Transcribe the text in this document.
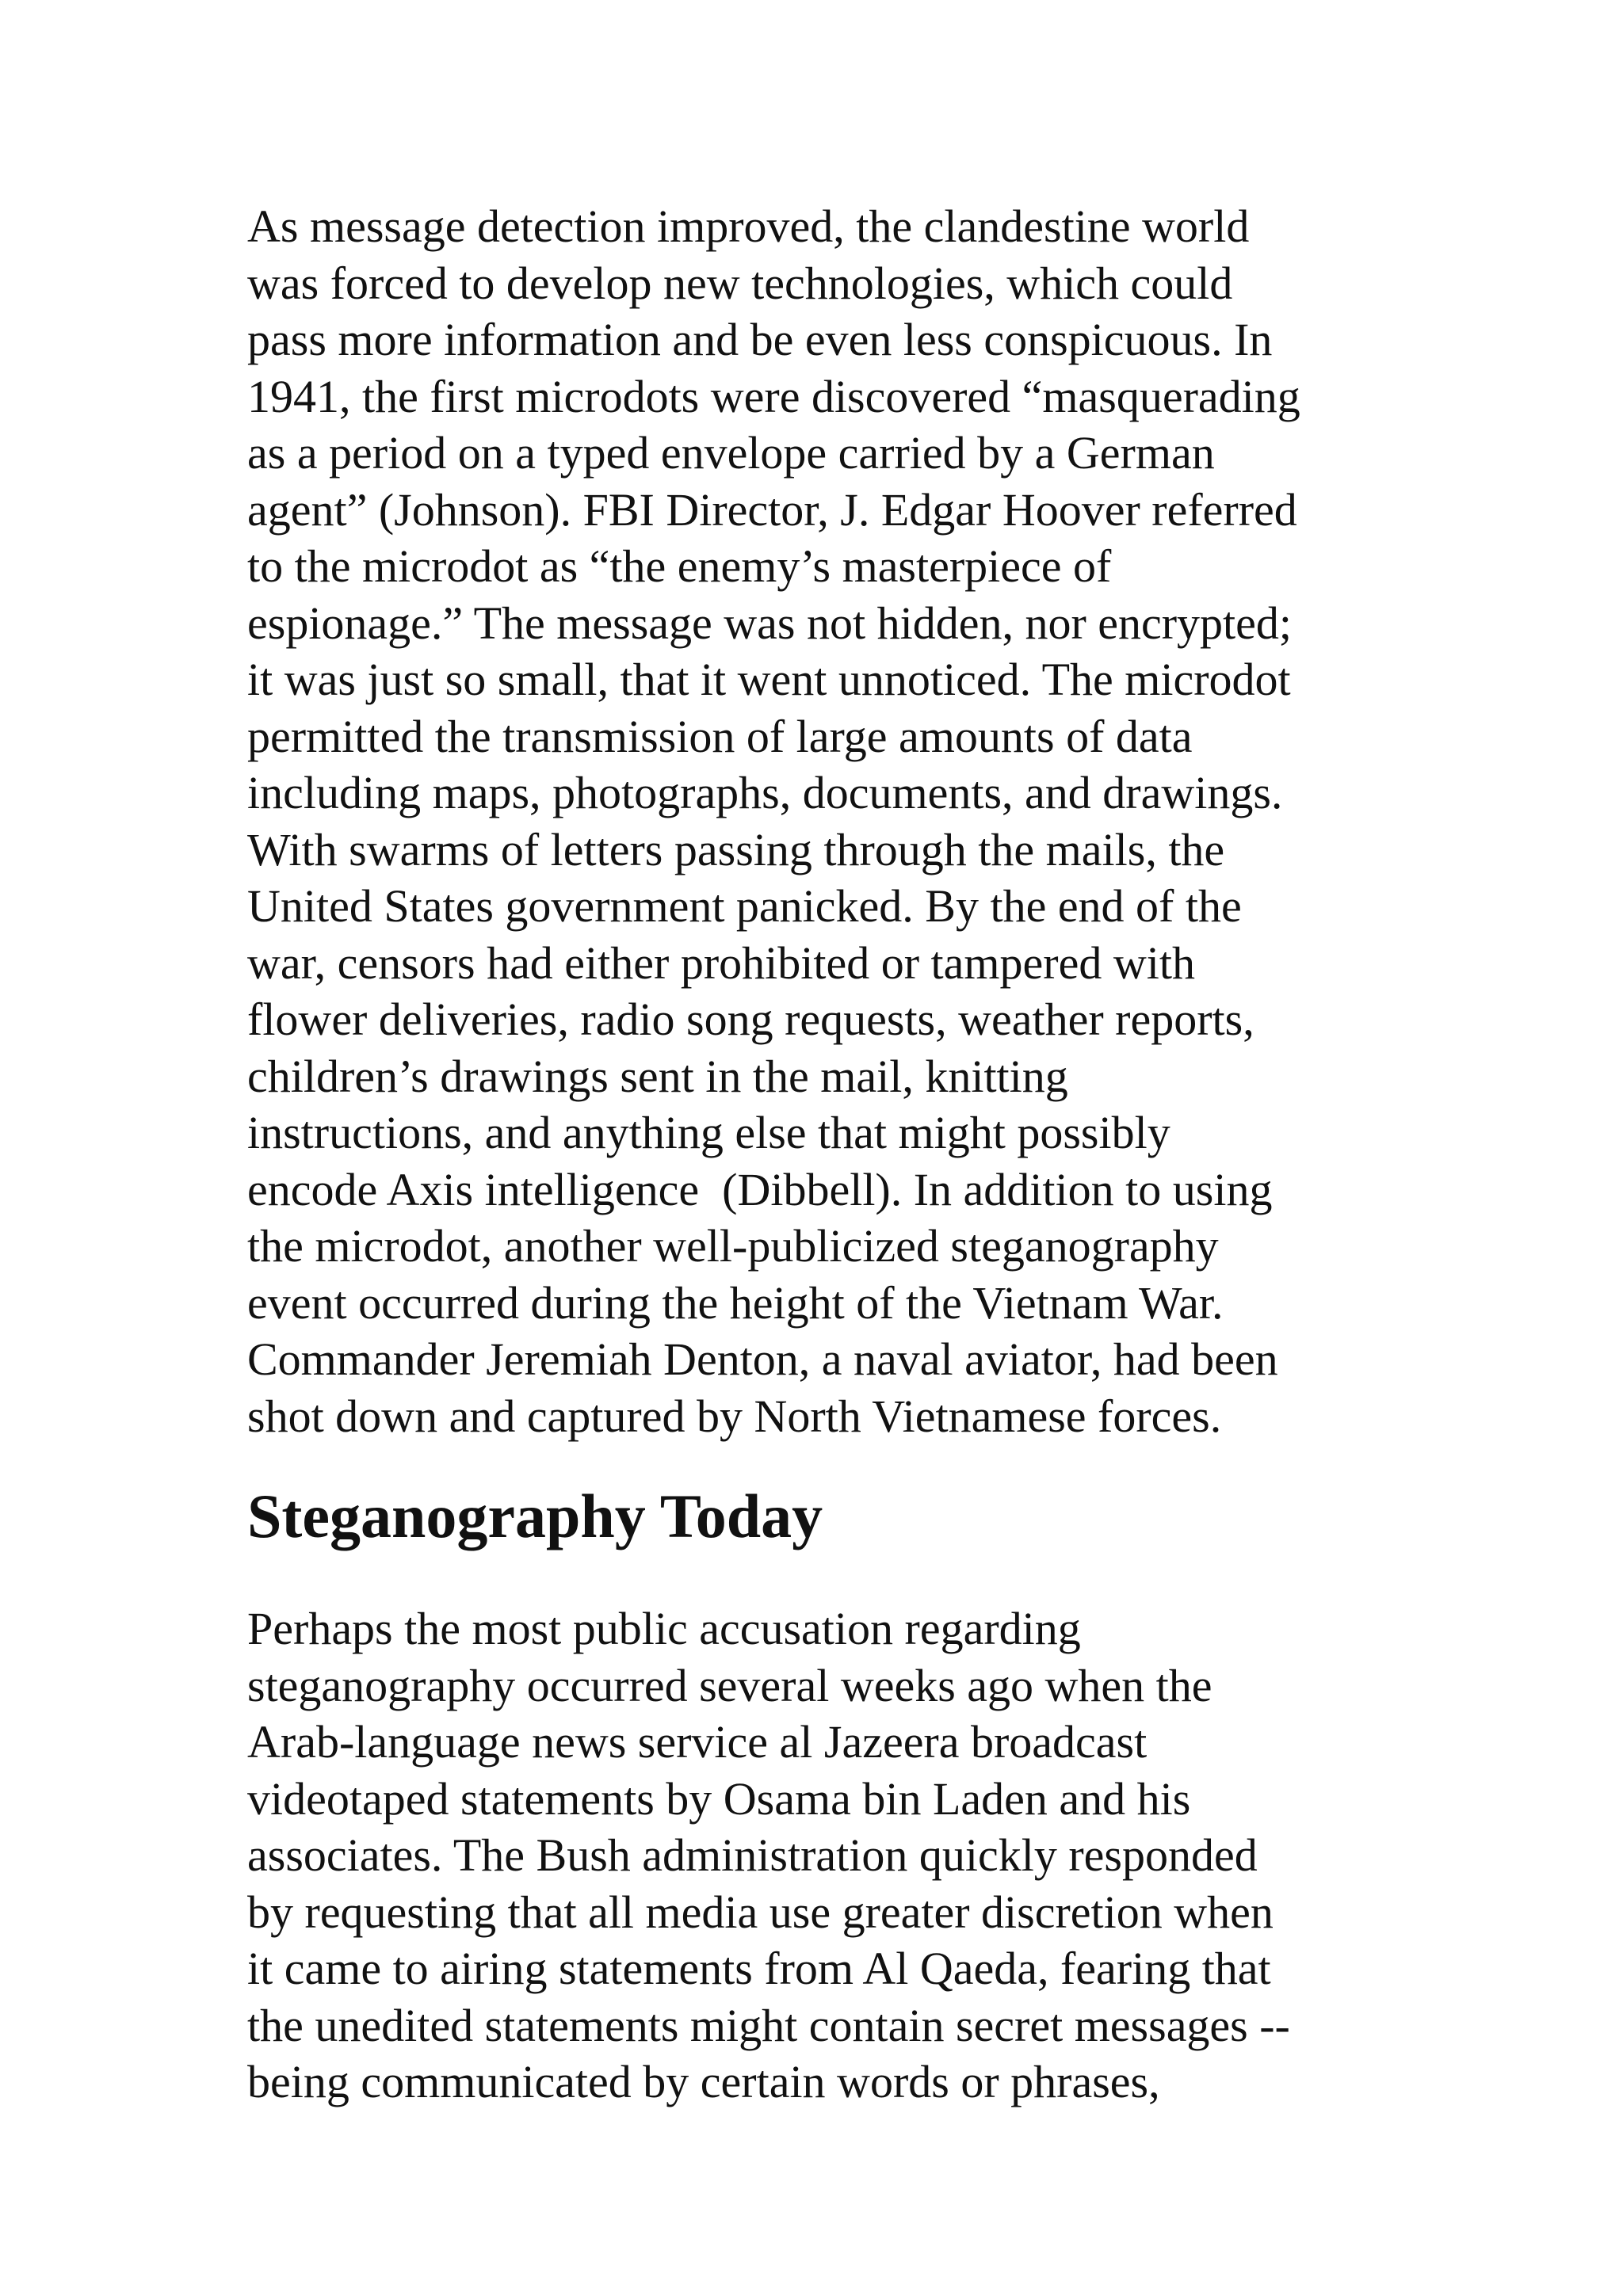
As message detection improved, the clandestine world
was forced to develop new technologies, which could
pass more information and be even less conspicuous. In
1941, the first microdots were discovered “masquerading
as a period on a typed envelope carried by a German
agent” (Johnson). FBI Director, J. Edgar Hoover referred
to the microdot as “the enemy’s masterpiece of
espionage.” The message was not hidden, nor encrypted;
it was just so small, that it went unnoticed. The microdot
permitted the transmission of large amounts of data
including maps, photographs, documents, and drawings.
With swarms of letters passing through the mails, the
United States government panicked. By the end of the
war, censors had either prohibited or tampered with
flower deliveries, radio song requests, weather reports,
children’s drawings sent in the mail, knitting
instructions, and anything else that might possibly
encode Axis intelligence  (Dibbell). In addition to using
the microdot, another well-publicized steganography
event occurred during the height of the Vietnam War.
Commander Jeremiah Denton, a naval aviator, had been
shot down and captured by North Vietnamese forces.
Steganography Today
Perhaps the most public accusation regarding
steganography occurred several weeks ago when the
Arab-language news service al Jazeera broadcast
videotaped statements by Osama bin Laden and his
associates. The Bush administration quickly responded
by requesting that all media use greater discretion when
it came to airing statements from Al Qaeda, fearing that
the unedited statements might contain secret messages --
being communicated by certain words or phrases,
